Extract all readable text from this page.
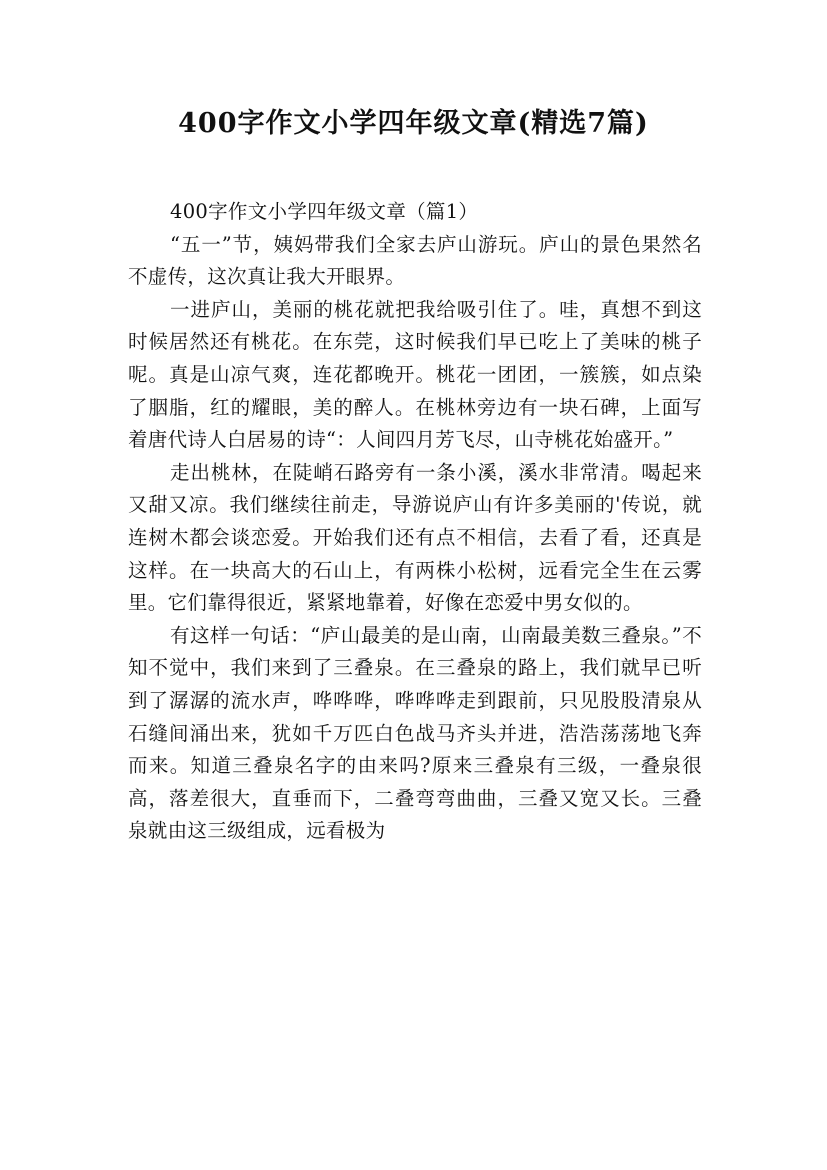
400字作文小学四年级文章(精选7篇)

400字作文小学四年级文章（篇1）

“五一”节，姨妈带我们全家去庐山游玩。庐山的景色果然名不虚传，这次真让我大开眼界。

一进庐山，美丽的桃花就把我给吸引住了。哇，真想不到这时候居然还有桃花。在东莞，这时候我们早已吃上了美味的桃子呢。真是山凉气爽，连花都晚开。桃花一团团，一簇簇，如点染了胭脂，红的耀眼，美的醉人。在桃林旁边有一块石碑，上面写着唐代诗人白居易的诗“：人间四月芳飞尽，山寺桃花始盛开。”

走出桃林，在陡峭石路旁有一条小溪，溪水非常清。喝起来又甜又凉。我们继续往前走，导游说庐山有许多美丽的'传说，就连树木都会谈恋爱。开始我们还有点不相信，去看了看，还真是这样。在一块高大的石山上，有两株小松树，远看完全生在云雾里。它们靠得很近，紧紧地靠着，好像在恋爱中男女似的。

有这样一句话：“庐山最美的是山南，山南最美数三叠泉。”不知不觉中，我们来到了三叠泉。在三叠泉的路上，我们就早已听到了潺潺的流水声，哗哗哗，哗哗哗走到跟前，只见股股清泉从石缝间涌出来，犹如千万匹白色战马齐头并进，浩浩荡荡地飞奔而来。知道三叠泉名字的由来吗?原来三叠泉有三级，一叠泉很高，落差很大，直垂而下，二叠弯弯曲曲，三叠又宽又长。三叠泉就由这三级组成，远看极为
